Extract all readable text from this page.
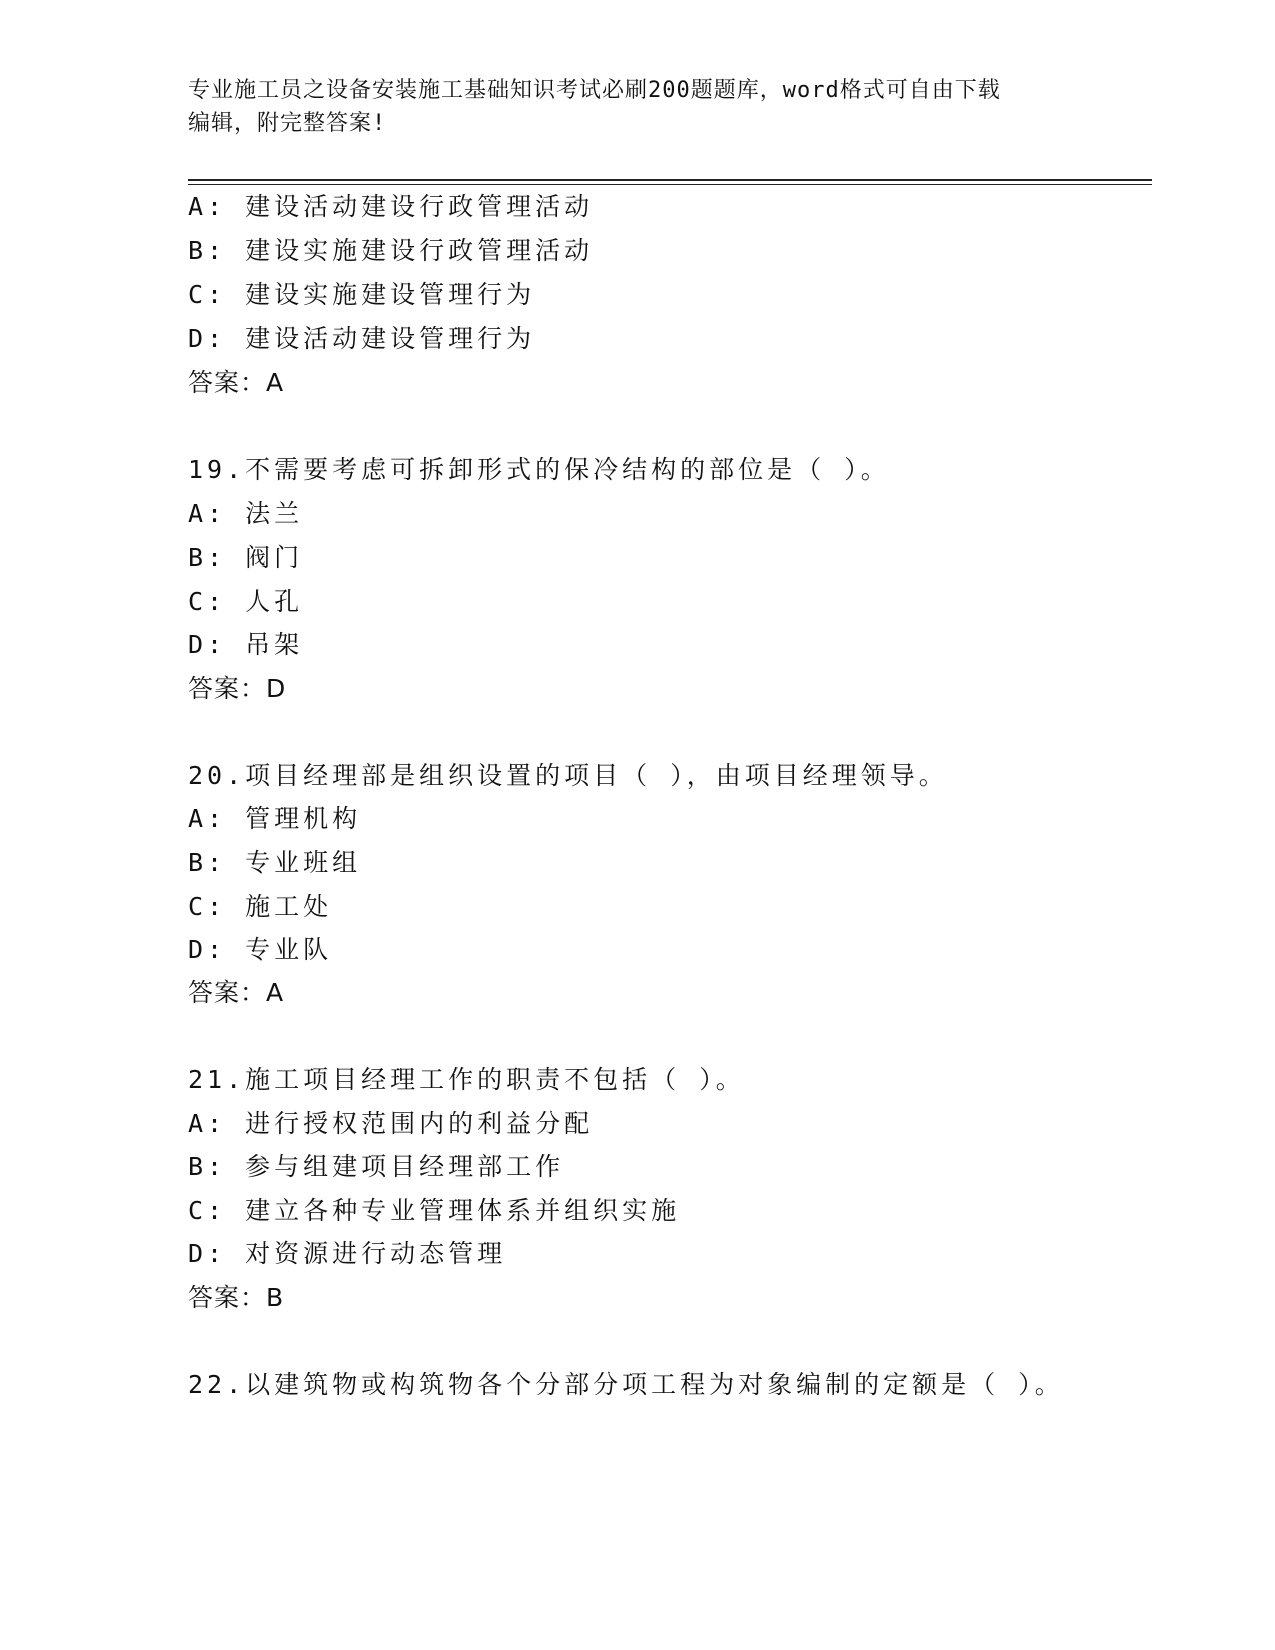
专业施工员之设备安装施工基础知识考试必刷200题题库，word格式可自由下载
编辑，附完整答案!
A: 建设活动建设行政管理活动
B: 建设实施建设行政管理活动
C: 建设实施建设管理行为
D: 建设活动建设管理行为
答案：A
19.不需要考虑可拆卸形式的保冷结构的部位是（ ）。
A: 法兰
B: 阀门
C: 人孔
D: 吊架
答案：D
20.项目经理部是组织设置的项目（ ），由项目经理领导。
A: 管理机构
B: 专业班组
C: 施工处
D: 专业队
答案：A
21.施工项目经理工作的职责不包括（ ）。
A: 进行授权范围内的利益分配
B: 参与组建项目经理部工作
C: 建立各种专业管理体系并组织实施
D: 对资源进行动态管理
答案：B
22.以建筑物或构筑物各个分部分项工程为对象编制的定额是（ ）。
